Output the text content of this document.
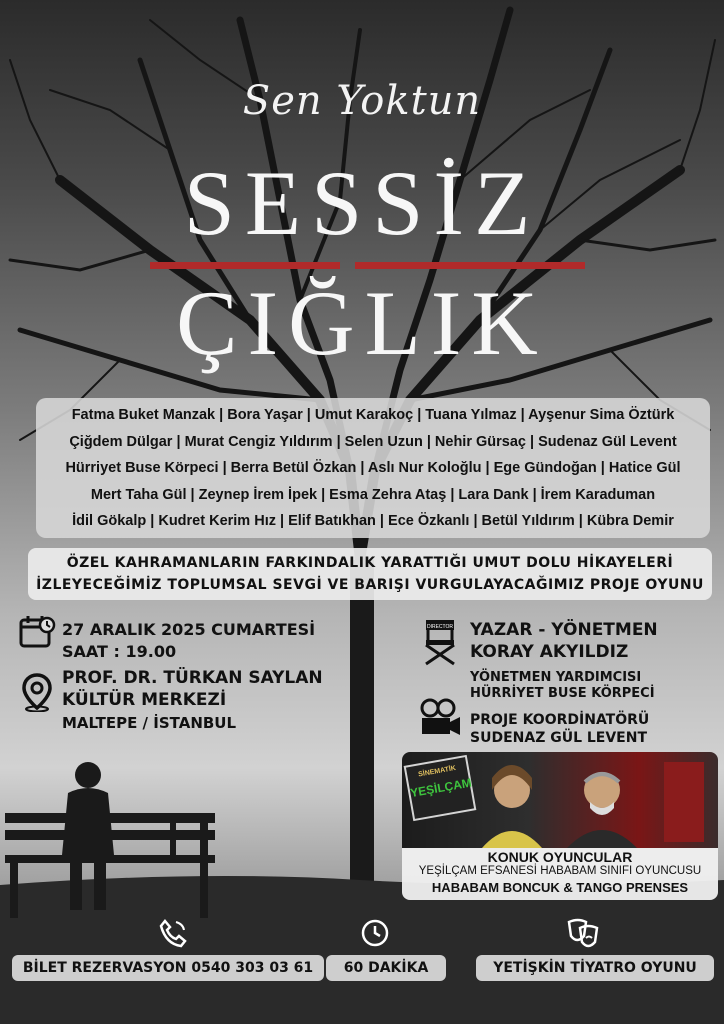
Sen Yoktun
SESSİZ
ÇIĞLIK
Fatma Buket Manzak | Bora Yaşar | Umut Karakoç | Tuana Yılmaz | Ayşenur Sima Öztürk
Çiğdem Dülgar | Murat Cengiz Yıldırım | Selen Uzun | Nehir Gürsaç | Sudenaz Gül Levent
Hürriyet Buse Körpeci | Berra Betül Özkan | Aslı Nur Koloğlu | Ege Gündoğan | Hatice Gül
Mert Taha Gül | Zeynep İrem İpek | Esma Zehra Ataş | Lara Dank | İrem Karaduman
İdil Gökalp | Kudret Kerim Hız | Elif Batıkhan | Ece Özkanlı | Betül Yıldırım | Kübra Demir
ÖZEL KAHRAMANLARIN FARKINDALIK YARATTIĞI UMUT DOLU HİKAYELERİ
İZLEYECEĞİMİZ TOPLUMSAL SEVGİ VE BARIŞI VURGULAYACAĞIMIZ PROJE OYUNU
27 ARALIK 2025 CUMARTESİ
SAAT : 19.00
PROF. DR. TÜRKAN SAYLAN
KÜLTÜR MERKEZİ
MALTEPE / İSTANBUL
DIRECTOR YAZAR - YÖNETMEN
KORAY AKYILDIZ
YÖNETMEN YARDIMCISI
HÜRRİYET BUSE KÖRPECİ
PROJE KOORDİNATÖRÜ
SUDENAZ GÜL LEVENT
SİNEMATİK
YEŞİLÇAM
KONUK OYUNCULAR
YEŞİLÇAM EFSANESİ HABABAM SINIFI OYUNCUSU
HABABAM BONCUK & TANGO PRENSES
BİLET REZERVASYON 0540 303 03 61	60 DAKİKA	YETİŞKİN TİYATRO OYUNU
